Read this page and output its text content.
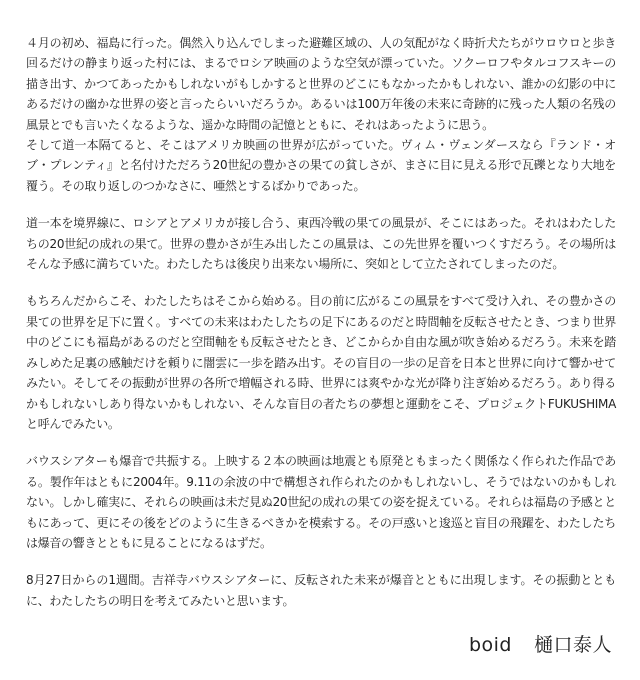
４月の初め、福島に行った。偶然入り込んでしまった避難区域の、人の気配がなく時折犬たちがウロウロと歩き回るだけの静まり返った村には、まるでロシア映画のような空気が漂っていた。ソクーロフやタルコフスキーの描き出す、かつてあったかもしれないがもしかすると世界のどこにもなかったかもしれない、誰かの幻影の中にあるだけの幽かな世界の姿と言ったらいいだろうか。あるいは100万年後の未来に奇跡的に残った人類の名残の風景とでも言いたくなるような、遥かな時間の記憶とともに、それはあったように思う。

そして道一本隔てると、そこはアメリカ映画の世界が広がっていた。ヴィム・ヴェンダースなら『ランド・オブ・プレンティ』と名付けただろう20世紀の豊かさの果ての貧しさが、まさに目に見える形で瓦礫となり大地を覆う。その取り返しのつかなさに、唖然とするばかりであった。

道一本を境界線に、ロシアとアメリカが接し合う、東西冷戦の果ての風景が、そこにはあった。それはわたしたちの20世紀の成れの果て。世界の豊かさが生み出したこの風景は、この先世界を覆いつくすだろう。その場所はそんな予感に満ちていた。わたしたちは後戻り出来ない場所に、突如として立たされてしまったのだ。

もちろんだからこそ、わたしたちはそこから始める。目の前に広がるこの風景をすべて受け入れ、その豊かさの果ての世界を足下に置く。すべての未来はわたしたちの足下にあるのだと時間軸を反転させたとき、つまり世界中のどこにも福島があるのだと空間軸をも反転させたとき、どこからか自由な風が吹き始めるだろう。未来を踏みしめた足裏の感触だけを頼りに闇雲に一歩を踏み出す。その盲目の一歩の足音を日本と世界に向けて響かせてみたい。そしてその振動が世界の各所で増幅される時、世界には爽やかな光が降り注ぎ始めるだろう。あり得るかもしれないしあり得ないかもしれない、そんな盲目の者たちの夢想と運動をこそ、プロジェクトFUKUSHIMAと呼んでみたい。

バウスシアターも爆音で共振する。上映する２本の映画は地震とも原発ともまったく関係なく作られた作品である。製作年はともに2004年。9.11の余波の中で構想され作られたのかもしれないし、そうではないのかもしれない。しかし確実に、それらの映画は未だ見ぬ20世紀の成れの果ての姿を捉えている。それらは福島の予感とともにあって、更にその後をどのように生きるべきかを模索する。その戸惑いと逡巡と盲目の飛躍を、わたしたちは爆音の響きとともに見ることになるはずだ。

8月27日からの1週間。吉祥寺バウスシアターに、反転された未来が爆音とともに出現します。その振動とともに、わたしたちの明日を考えてみたいと思います。

boid 樋口泰人
